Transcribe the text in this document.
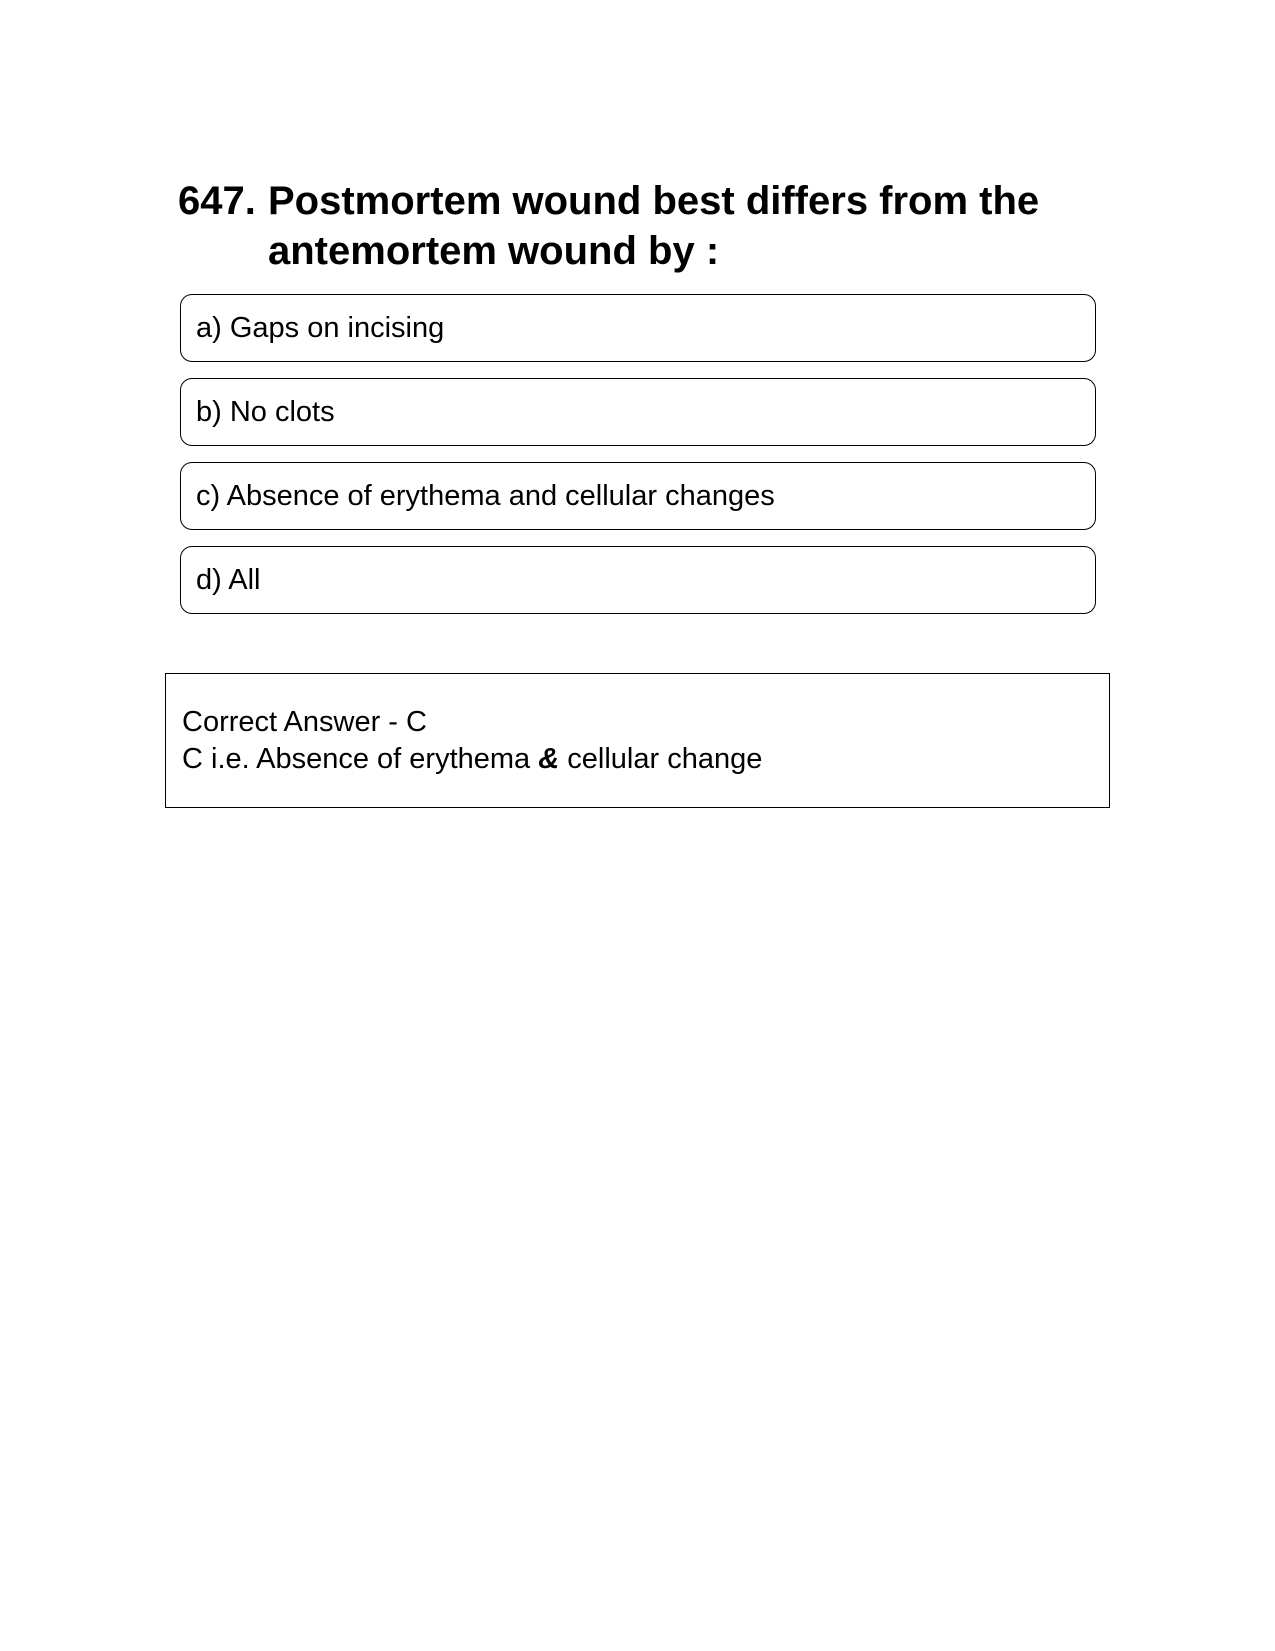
647. Postmortem wound best differs from the antemortem wound by :
a) Gaps on incising
b) No clots
c) Absence of erythema and cellular changes
d) All
Correct Answer - C
C i.e. Absence of erythema & cellular change
